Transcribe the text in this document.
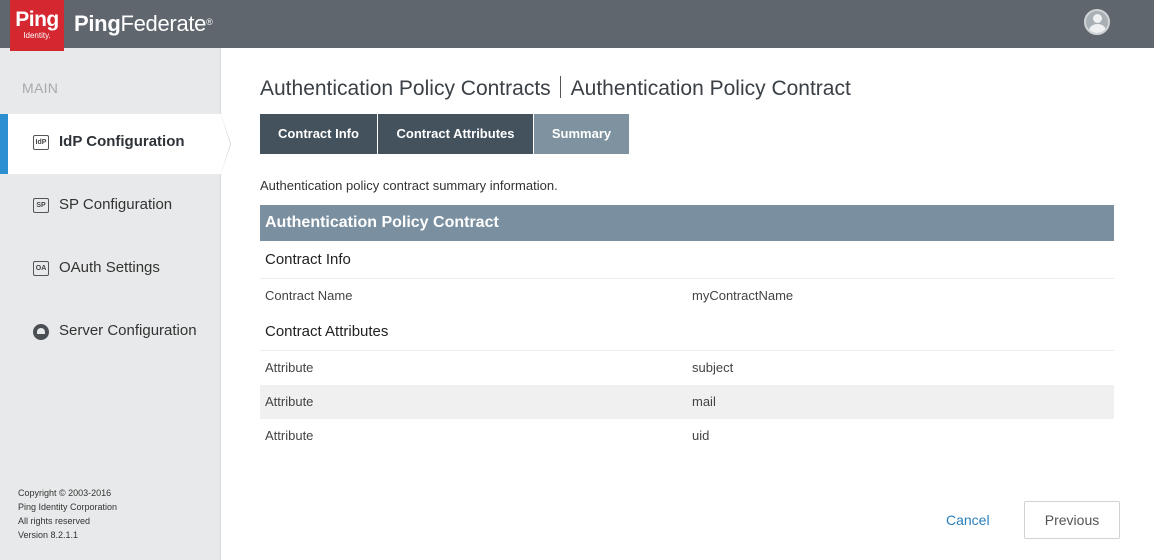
Ping
Identity.	PingFederate®
MAIN
IdP IdP Configuration
SP SP Configuration
OA OAuth Settings
Server Configuration
Copyright © 2003-2016
Ping Identity Corporation
All rights reserved
Version 8.2.1.1
Authentication Policy Contracts Authentication Policy Contract
Contract Info	Contract Attributes	Summary
Authentication policy contract summary information.
Authentication Policy Contract
Contract Info
Contract Name	myContractName
Contract Attributes
Attribute	subject
Attribute	mail
Attribute	uid
Cancel	Previous
